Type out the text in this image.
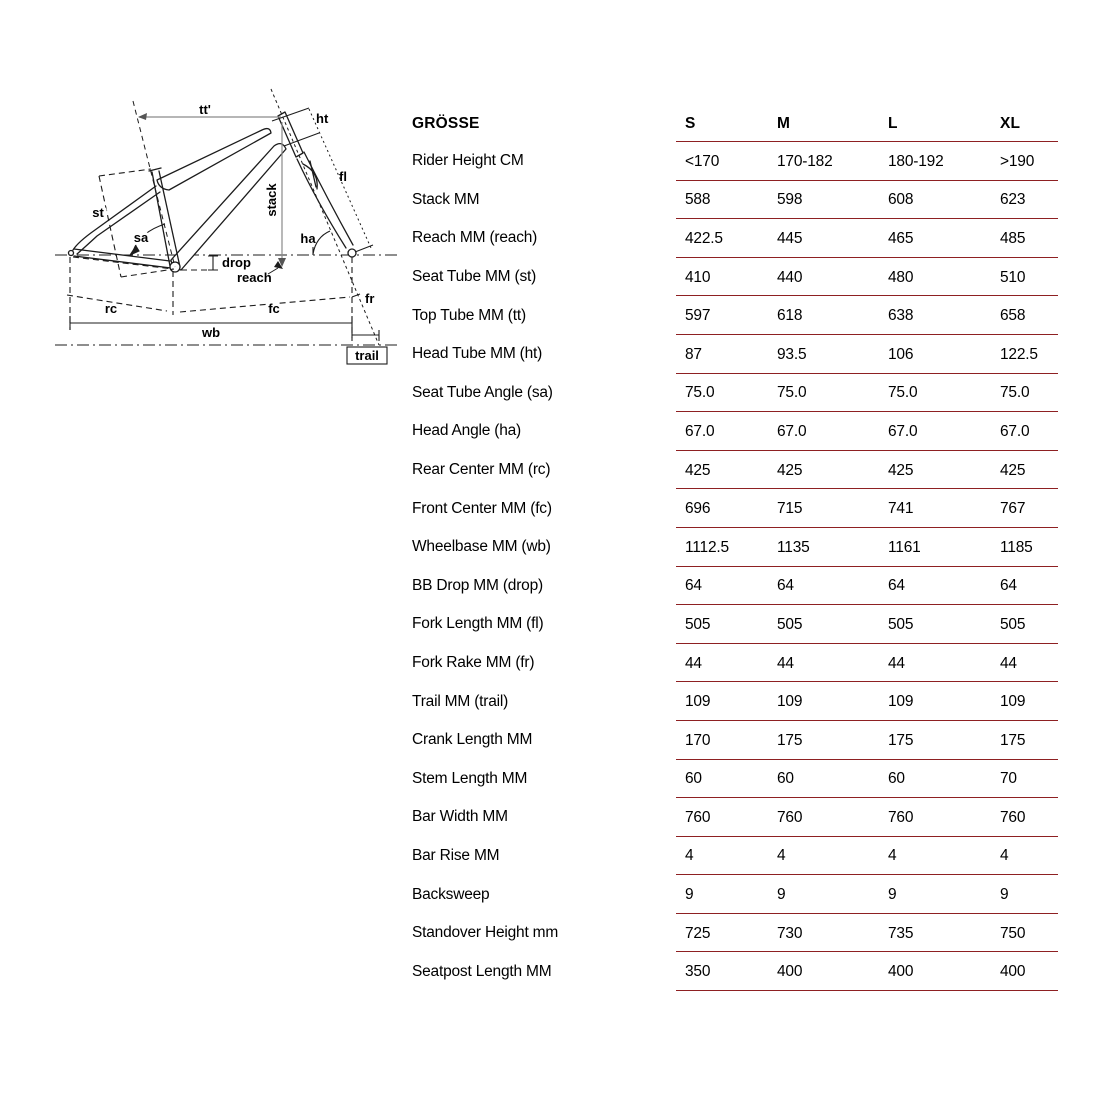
tt'
ht
fl
st
sa
stack
ha
drop
reach
rc	fc
wb
fr
trail
GRÖSSE	S	M	L	XL
Rider Height CM	<170	170-182	180-192	>190
Stack MM	588	598	608	623
Reach MM (reach)	422.5	445	465	485
Seat Tube MM (st)	410	440	480	510
Top Tube MM (tt)	597	618	638	658
Head Tube MM (ht)	87	93.5	106	122.5
Seat Tube Angle (sa)	75.0	75.0	75.0	75.0
Head Angle (ha)	67.0	67.0	67.0	67.0
Rear Center MM (rc)	425	425	425	425
Front Center MM (fc)	696	715	741	767
Wheelbase MM (wb)	1112.5	1135	1161	1185
BB Drop MM (drop)	64	64	64	64
Fork Length MM (fl)	505	505	505	505
Fork Rake MM (fr)	44	44	44	44
Trail MM (trail)	109	109	109	109
Crank Length MM	170	175	175	175
Stem Length MM	60	60	60	70
Bar Width MM	760	760	760	760
Bar Rise MM	4	4	4	4
Backsweep	9	9	9	9
Standover Height mm	725	730	735	750
Seatpost Length MM	350	400	400	400
